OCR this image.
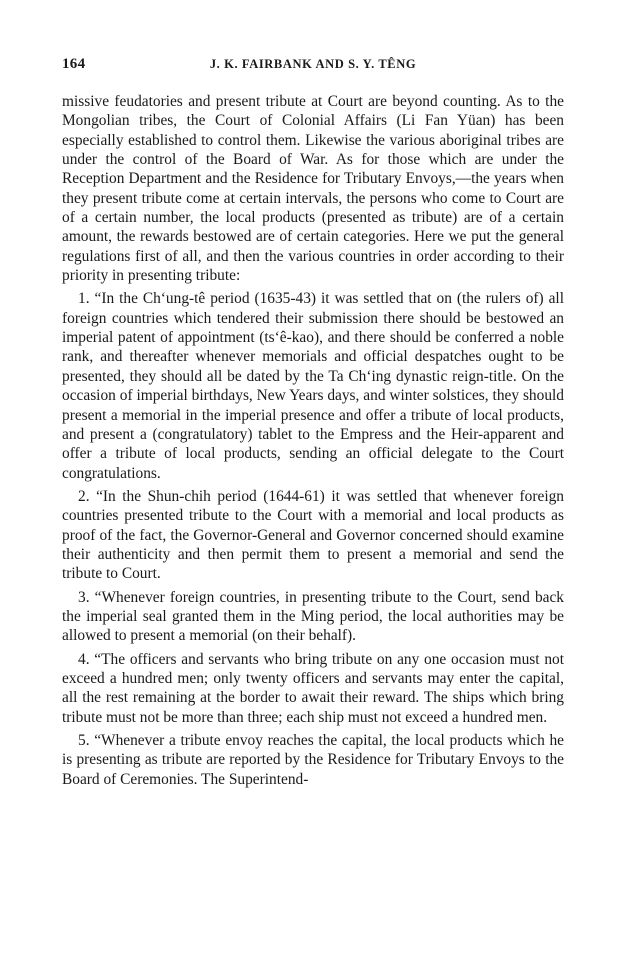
164	J. K. FAIRBANK AND S. Y. TÊNG

missive feudatories and present tribute at Court are beyond counting. As to the Mongolian tribes, the Court of Colonial Affairs (Li Fan Yüan) has been especially established to control them. Likewise the various aboriginal tribes are under the control of the Board of War. As for those which are under the Reception Department and the Residence for Tributary Envoys,—the years when they present tribute come at certain intervals, the persons who come to Court are of a certain number, the local products (presented as tribute) are of a certain amount, the rewards bestowed are of certain categories. Here we put the general regulations first of all, and then the various countries in order according to their priority in presenting tribute:

1. “In the Ch‘ung-tê period (1635-43) it was settled that on (the rulers of) all foreign countries which tendered their submission there should be bestowed an imperial patent of appointment (ts‘ê-kao), and there should be conferred a noble rank, and thereafter whenever memorials and official despatches ought to be presented, they should all be dated by the Ta Ch‘ing dynastic reign-title. On the occasion of imperial birthdays, New Years days, and winter solstices, they should present a memorial in the imperial presence and offer a tribute of local products, and present a (congratulatory) tablet to the Empress and the Heir-apparent and offer a tribute of local products, sending an official delegate to the Court congratulations.

2. “In the Shun-chih period (1644-61) it was settled that whenever foreign countries presented tribute to the Court with a memorial and local products as proof of the fact, the Governor-General and Governor concerned should examine their authenticity and then permit them to present a memorial and send the tribute to Court.

3. “Whenever foreign countries, in presenting tribute to the Court, send back the imperial seal granted them in the Ming period, the local authorities may be allowed to present a memorial (on their behalf).

4. “The officers and servants who bring tribute on any one occasion must not exceed a hundred men; only twenty officers and servants may enter the capital, all the rest remaining at the border to await their reward. The ships which bring tribute must not be more than three; each ship must not exceed a hundred men.

5. “Whenever a tribute envoy reaches the capital, the local products which he is presenting as tribute are reported by the Residence for Tributary Envoys to the Board of Ceremonies. The Superintend-
